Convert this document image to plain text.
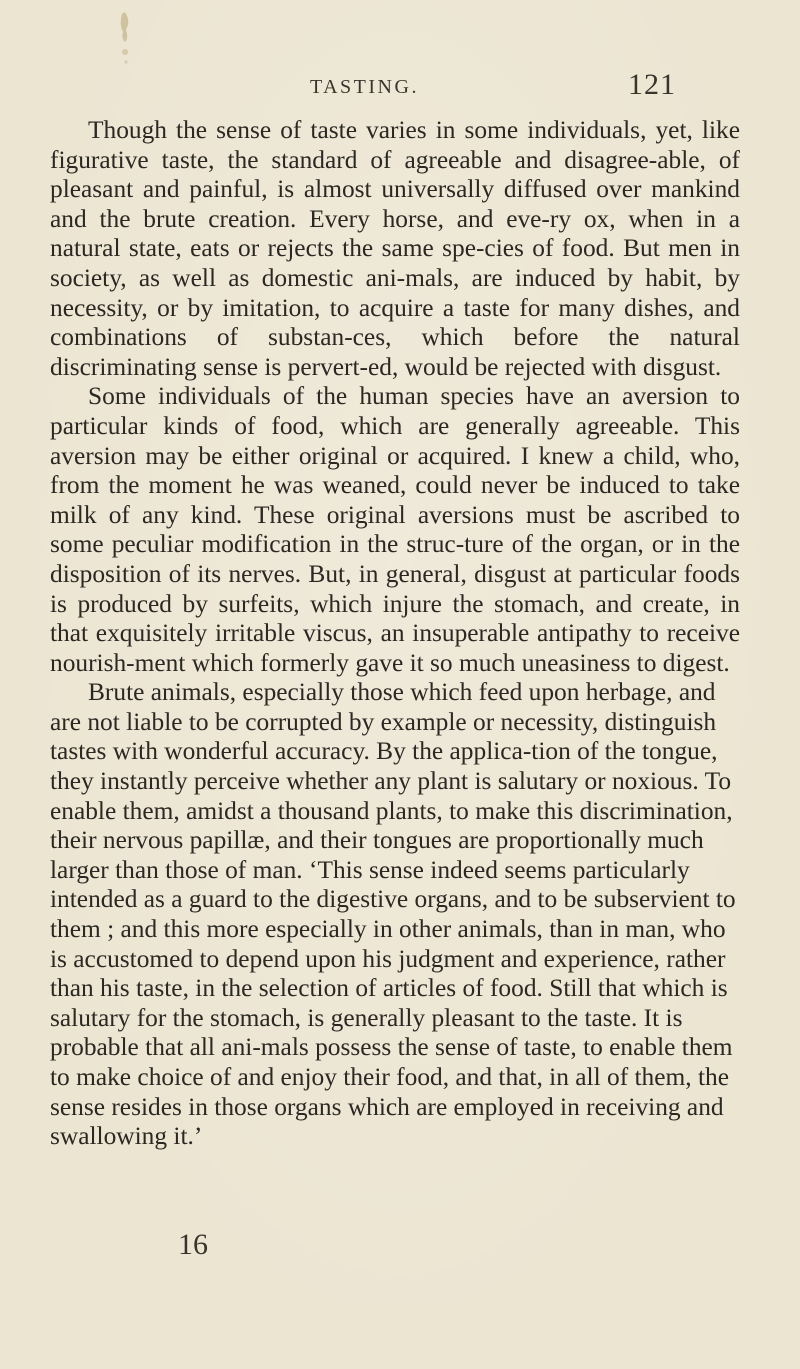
TASTING.	121

Though the sense of taste varies in some individuals, yet, like figurative taste, the standard of agreeable and disagree-able, of pleasant and painful, is almost universally diffused over mankind and the brute creation. Every horse, and eve-ry ox, when in a natural state, eats or rejects the same spe-cies of food. But men in society, as well as domestic ani-mals, are induced by habit, by necessity, or by imitation, to acquire a taste for many dishes, and combinations of substan-ces, which before the natural discriminating sense is pervert-ed, would be rejected with disgust.

Some individuals of the human species have an aversion to particular kinds of food, which are generally agreeable. This aversion may be either original or acquired. I knew a child, who, from the moment he was weaned, could never be induced to take milk of any kind. These original aversions must be ascribed to some peculiar modification in the struc-ture of the organ, or in the disposition of its nerves. But, in general, disgust at particular foods is produced by surfeits, which injure the stomach, and create, in that exquisitely irritable viscus, an insuperable antipathy to receive nourish-ment which formerly gave it so much uneasiness to digest.

Brute animals, especially those which feed upon herbage, and are not liable to be corrupted by example or necessity, distinguish tastes with wonderful accuracy. By the applica-tion of the tongue, they instantly perceive whether any plant is salutary or noxious. To enable them, amidst a thousand plants, to make this discrimination, their nervous papillæ, and their tongues are proportionally much larger than those of man. ‘This sense indeed seems particularly intended as a guard to the digestive organs, and to be subservient to them ; and this more especially in other animals, than in man, who is accustomed to depend upon his judgment and experience, rather than his taste, in the selection of articles of food. Still that which is salutary for the stomach, is generally pleasant to the taste. It is probable that all ani-mals possess the sense of taste, to enable them to make choice of and enjoy their food, and that, in all of them, the sense resides in those organs which are employed in receiving and swallowing it.’

16
